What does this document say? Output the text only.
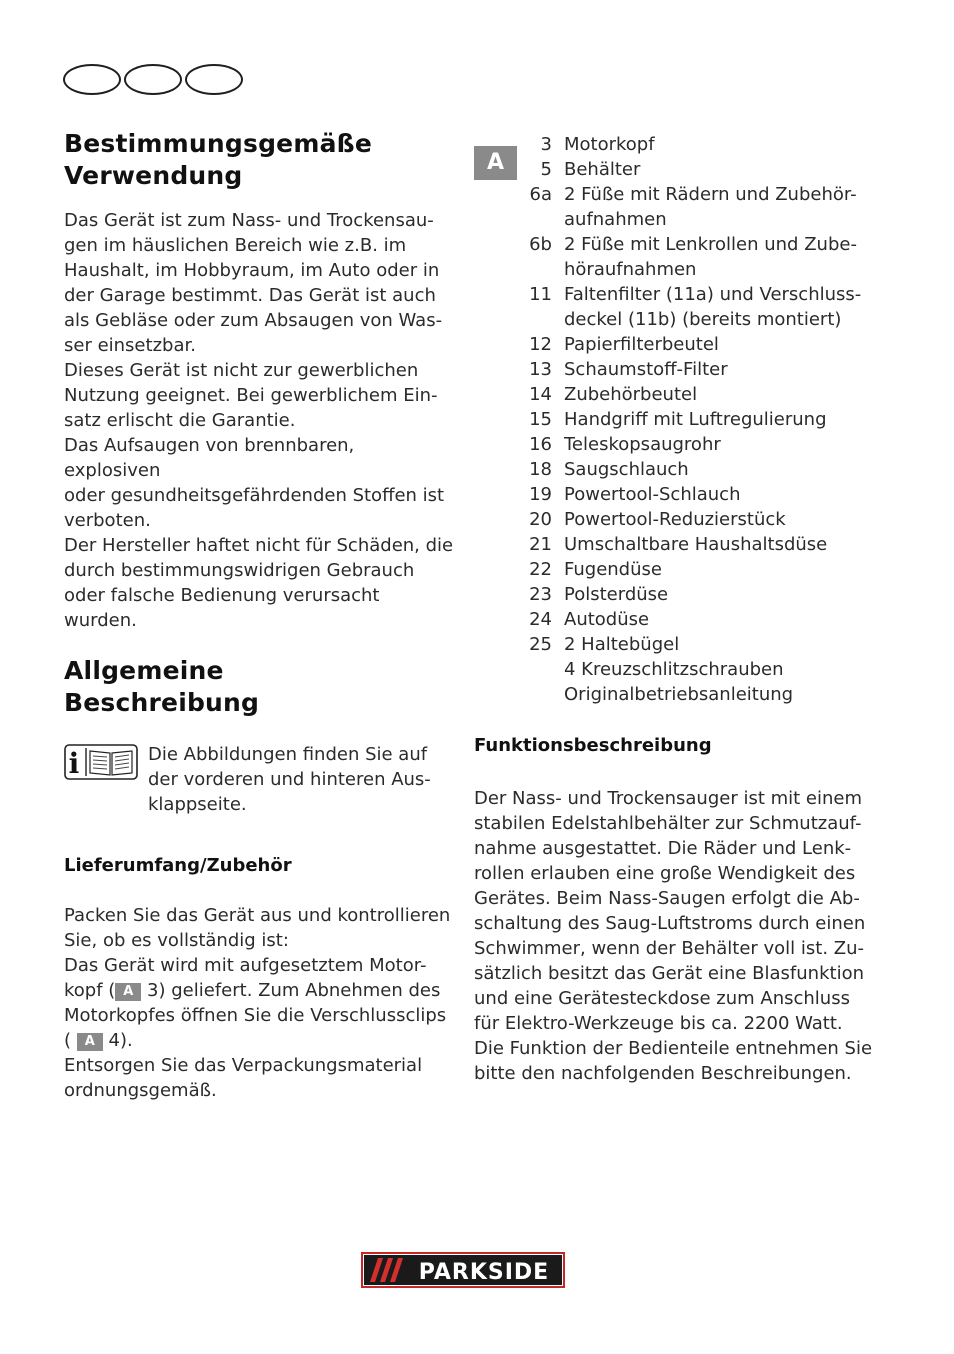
Bestimmungsgemäße
Verwendung
Das Gerät ist zum Nass- und Trockensau-
gen im häuslichen Bereich wie z.B. im
Haushalt, im Hobbyraum, im Auto oder in
der Garage bestimmt. Das Gerät ist auch
als Gebläse oder zum Absaugen von Was-
ser einsetzbar.
Dieses Gerät ist nicht zur gewerblichen
Nutzung geeignet. Bei gewerblichem Ein-
satz erlischt die Garantie.
Das Aufsaugen von brennbaren, explosiven
oder gesundheitsgefährdenden Stoffen ist
verboten.
Der Hersteller haftet nicht für Schäden, die
durch bestimmungswidrigen Gebrauch
oder falsche Bedienung verursacht wurden.
Allgemeine
Beschreibung
i	Die Abbildungen finden Sie auf
der vorderen und hinteren Aus-
klappseite.
Lieferumfang/Zubehör
Packen Sie das Gerät aus und kontrollieren
Sie, ob es vollständig ist:
Das Gerät wird mit aufgesetztem Motor-
kopf ( A 3) geliefert. Zum Abnehmen des
Motorkopfes öffnen Sie die Verschlussclips
( A 4).
Entsorgen Sie das Verpackungsmaterial
ordnungsgemäß.
A
3 Motorkopf
5 Behälter
6a 2 Füße mit Rädern und Zubehör-
aufnahmen
6b 2 Füße mit Lenkrollen und Zube-
höraufnahmen
11 Faltenfilter (11a) und Verschluss-
deckel (11b) (bereits montiert)
12 Papierfilterbeutel
13 Schaumstoff-Filter
14 Zubehörbeutel
15 Handgriff mit Luftregulierung
16 Teleskopsaugrohr
18 Saugschlauch
19 Powertool-Schlauch
20 Powertool-Reduzierstück
21 Umschaltbare Haushaltsdüse
22 Fugendüse
23 Polsterdüse
24 Autodüse
25 2 Haltebügel
4 Kreuzschlitzschrauben
Originalbetriebsanleitung
Funktionsbeschreibung
Der Nass- und Trockensauger ist mit einem
stabilen Edelstahlbehälter zur Schmutzauf-
nahme ausgestattet. Die Räder und Lenk-
rollen erlauben eine große Wendigkeit des
Gerätes. Beim Nass-Saugen erfolgt die Ab-
schaltung des Saug-Luftstroms durch einen
Schwimmer, wenn der Behälter voll ist. Zu-
sätzlich besitzt das Gerät eine Blasfunktion
und eine Gerätesteckdose zum Anschluss
für Elektro-Werkzeuge bis ca. 2200 Watt.
Die Funktion der Bedienteile entnehmen Sie
bitte den nachfolgenden Beschreibungen.
PARKSIDE
